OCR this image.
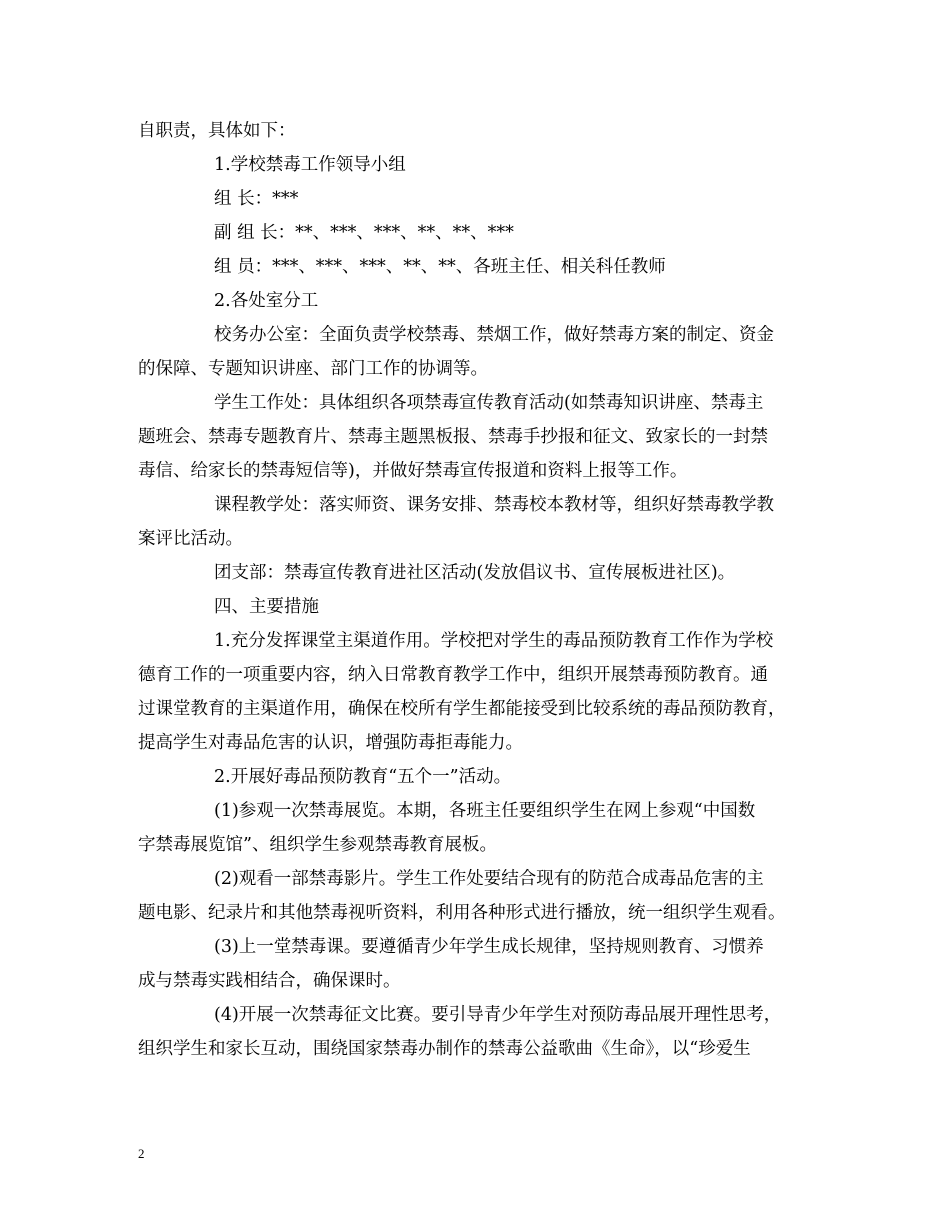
自职责，具体如下：
1.学校禁毒工作领导小组
组 长：***
副 组 长：**、***、***、**、**、***
组 员：***、***、***、**、**、各班主任、相关科任教师
2.各处室分工
校务办公室：全面负责学校禁毒、禁烟工作，做好禁毒方案的制定、资金
的保障、专题知识讲座、部门工作的协调等。
学生工作处：具体组织各项禁毒宣传教育活动(如禁毒知识讲座、禁毒主
题班会、禁毒专题教育片、禁毒主题黑板报、禁毒手抄报和征文、致家长的一封禁
毒信、给家长的禁毒短信等)，并做好禁毒宣传报道和资料上报等工作。
课程教学处：落实师资、课务安排、禁毒校本教材等，组织好禁毒教学教
案评比活动。
团支部：禁毒宣传教育进社区活动(发放倡议书、宣传展板进社区)。
四、主要措施
1.充分发挥课堂主渠道作用。学校把对学生的毒品预防教育工作作为学校
德育工作的一项重要内容，纳入日常教育教学工作中，组织开展禁毒预防教育。通
过课堂教育的主渠道作用，确保在校所有学生都能接受到比较系统的毒品预防教育，
提高学生对毒品危害的认识，增强防毒拒毒能力。
2.开展好毒品预防教育“五个一”活动。
(1)参观一次禁毒展览。本期，各班主任要组织学生在网上参观“中国数
字禁毒展览馆”、组织学生参观禁毒教育展板。
(2)观看一部禁毒影片。学生工作处要结合现有的防范合成毒品危害的主
题电影、纪录片和其他禁毒视听资料，利用各种形式进行播放，统一组织学生观看。
(3)上一堂禁毒课。要遵循青少年学生成长规律，坚持规则教育、习惯养
成与禁毒实践相结合，确保课时。
(4)开展一次禁毒征文比赛。要引导青少年学生对预防毒品展开理性思考，
组织学生和家长互动，围绕国家禁毒办制作的禁毒公益歌曲《生命》，以“珍爱生
2
